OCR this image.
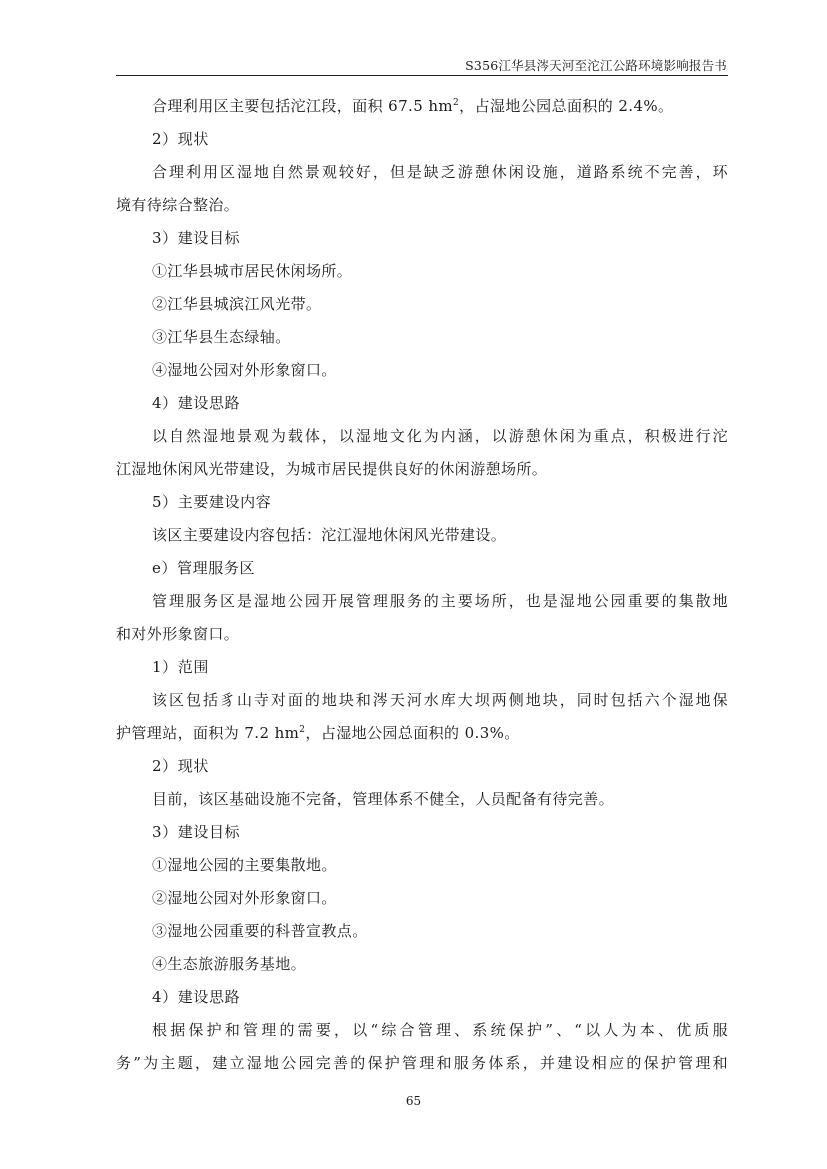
S356江华县涔天河至沱江公路环境影响报告书

合理利用区主要包括沱江段，面积 67.5 $hm^2$，占湿地公园总面积的 2.4%。

2）现状

合理利用区湿地自然景观较好，但是缺乏游憩休闲设施，道路系统不完善，环

境有待综合整治。

3）建设目标

①江华县城市居民休闲场所。

②江华县城滨江风光带。

③江华县生态绿轴。

④湿地公园对外形象窗口。

4）建设思路

以自然湿地景观为载体，以湿地文化为内涵，以游憩休闲为重点，积极进行沱

江湿地休闲风光带建设，为城市居民提供良好的休闲游憩场所。

5）主要建设内容

该区主要建设内容包括：沱江湿地休闲风光带建设。

e）管理服务区

管理服务区是湿地公园开展管理服务的主要场所，也是湿地公园重要的集散地

和对外形象窗口。

1）范围

该区包括豸山寺对面的地块和涔天河水库大坝两侧地块，同时包括六个湿地保

护管理站，面积为 7.2 $hm^2$，占湿地公园总面积的 0.3%。

2）现状

目前，该区基础设施不完备，管理体系不健全，人员配备有待完善。

3）建设目标

①湿地公园的主要集散地。

②湿地公园对外形象窗口。

③湿地公园重要的科普宣教点。

④生态旅游服务基地。

4）建设思路

根据保护和管理的需要，以“综合管理、系统保护”、“以人为本、优质服

务”为主题，建立湿地公园完善的保护管理和服务体系，并建设相应的保护管理和

65
